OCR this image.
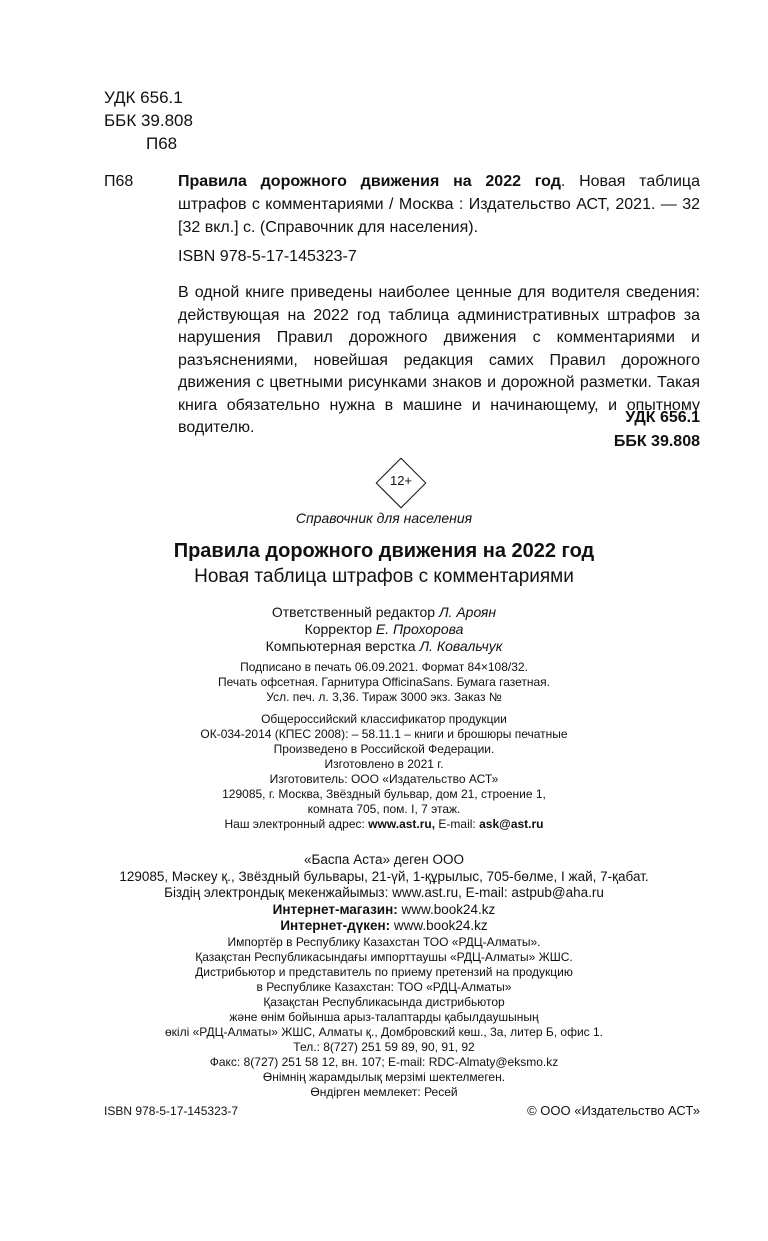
УДК 656.1
ББК 39.808
П68
П68	Правила дорожного движения на 2022 год. Новая таблица штрафов с комментариями / Москва : Издательство АСТ, 2021. — 32 [32 вкл.] с. (Справочник для населения).
ISBN 978-5-17-145323-7
В одной книге приведены наиболее ценные для водителя сведения: действующая на 2022 год таблица административных штрафов за нарушения Правил дорожного движения с комментариями и разъяснениями, новейшая редакция самих Правил дорожного движения с цветными рисунками знаков и дорожной разметки. Такая книга обязательно нужна в машине и начинающему, и опытному водителю.
УДК 656.1
ББК 39.808
12+
Справочник для населения
Правила дорожного движения на 2022 год
Новая таблица штрафов с комментариями
Ответственный редактор Л. Ароян
Корректор Е. Прохорова
Компьютерная верстка Л. Ковальчук
Подписано в печать 06.09.2021. Формат 84×108/32.
Печать офсетная. Гарнитура OfficinaSans. Бумага газетная.
Усл. печ. л. 3,36. Тираж 3000 экз. Заказ №
Общероссийский классификатор продукции
ОК-034-2014 (КПЕС 2008): – 58.11.1 – книги и брошюры печатные
Произведено в Российской Федерации.
Изготовлено в 2021 г.
Изготовитель: ООО «Издательство АСТ»
129085, г. Москва, Звёздный бульвар, дом 21, строение 1,
комната 705, пом. I, 7 этаж.
Наш электронный адрес: www.ast.ru, E-mail: ask@ast.ru
«Баспа Аста» деген ООО
129085, Мәскеу қ., Звёздный бульвары, 21-үй, 1-құрылыс, 705-бөлме, I жай, 7-қабат.
Біздің электрондық мекенжайымыз: www.ast.ru, E-mail: astpub@aha.ru
Интернет-магазин: www.book24.kz
Интернет-дүкен: www.book24.kz
Импортёр в Республику Казахстан ТОО «РДЦ-Алматы».
Қазақстан Республикасындағы импорттаушы «РДЦ-Алматы» ЖШС.
Дистрибьютор и представитель по приему претензий на продукцию
в Республике Казахстан: ТОО «РДЦ-Алматы»
Қазақстан Республикасында дистрибьютор
және өнім бойынша арыз-талаптарды қабылдаушының
өкілі «РДЦ-Алматы» ЖШС, Алматы қ., Домбровский көш., 3а, литер Б, офис 1.
Тел.: 8(727) 251 59 89, 90, 91, 92
Факс: 8(727) 251 58 12, вн. 107; E-mail: RDC-Almaty@eksmo.kz
Өнімнің жарамдылық мерзімі шектелмеген.
Өндірген мемлекет: Ресей
ISBN 978-5-17-145323-7	© ООО «Издательство АСТ»
